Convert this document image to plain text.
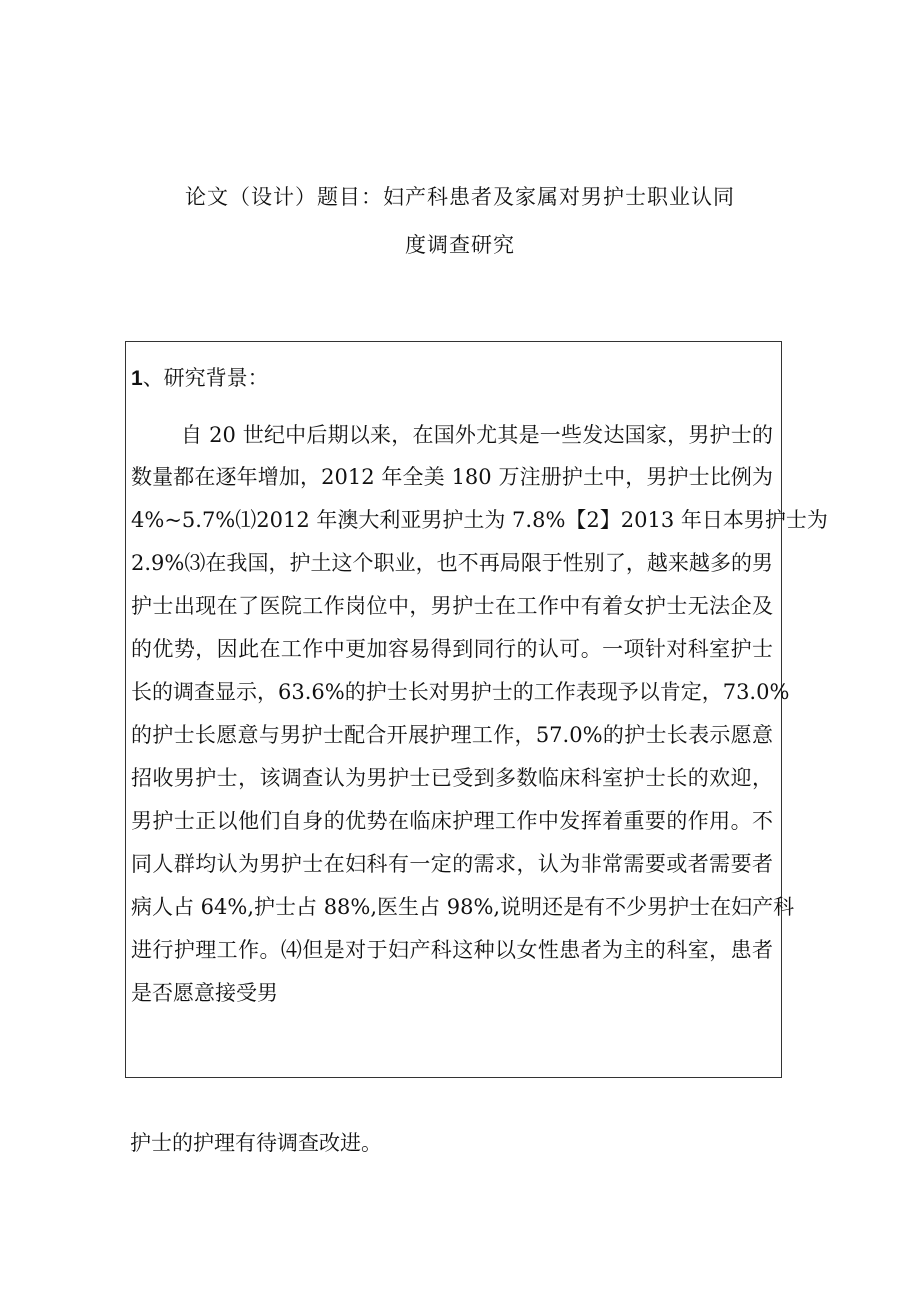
论文（设计）题目：妇产科患者及家属对男护士职业认同
度调查研究
1、研究背景：
自 20 世纪中后期以来，在国外尤其是一些发达国家，男护士的
数量都在逐年增加，2012 年全美 180 万注册护土中，男护士比例为
4%~5.7%⑴2012 年澳大利亚男护土为 7.8%【2】2013 年日本男护士为
2.9%⑶在我国，护土这个职业，也不再局限于性别了，越来越多的男
护士出现在了医院工作岗位中，男护士在工作中有着女护士无法企及
的优势，因此在工作中更加容易得到同行的认可。一项针对科室护士
长的调查显示，63.6%的护士长对男护士的工作表现予以肯定，73.0%
的护士长愿意与男护士配合开展护理工作，57.0%的护士长表示愿意
招收男护士，该调查认为男护士已受到多数临床科室护士长的欢迎，
男护士正以他们自身的优势在临床护理工作中发挥着重要的作用。不
同人群均认为男护士在妇科有一定的需求，认为非常需要或者需要者
病人占 64%,护士占 88%,医生占 98%,说明还是有不少男护士在妇产科
进行护理工作。⑷但是对于妇产科这种以女性患者为主的科室，患者
是否愿意接受男
护士的护理有待调查改进。
